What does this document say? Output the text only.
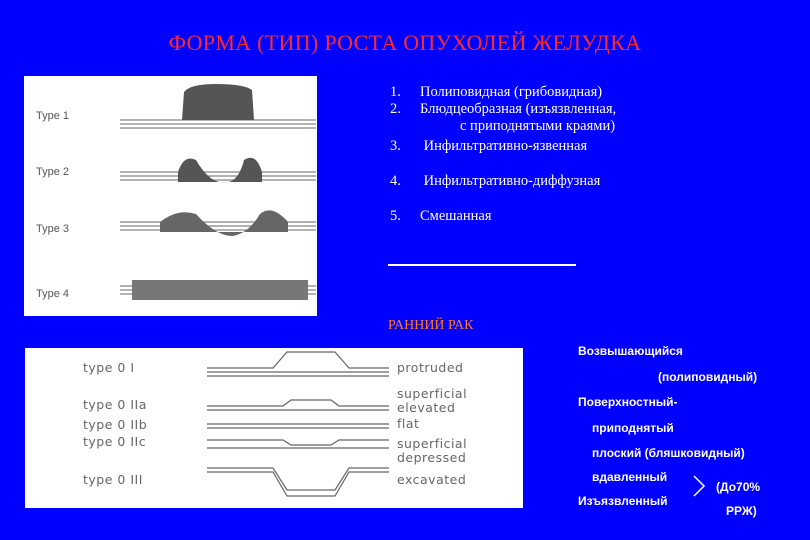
ФОРМА (ТИП) РОСТА ОПУХОЛЕЙ ЖЕЛУДКА
Type 1
Type 2
Type 3
Type 4
1. Полиповидная (грибовидная)
2. Блюдцеобразная (изъязвленная,
с приподнятыми краями)
3. Инфильтративно-язвенная
4. Инфильтративно-диффузная
5. Смешанная
РАННИЙ РАК
type 0 I
type 0 IIa
type 0 IIb
type 0 IIc
type 0 III
protruded
superficial
elevated
flat
superficial
depressed
excavated
Возвышающийся
(полиповидный)
Поверхностный-
приподнятый
плоский (бляшковидный)
вдавленный
Изъязвленный
(До70%
РРЖ)
